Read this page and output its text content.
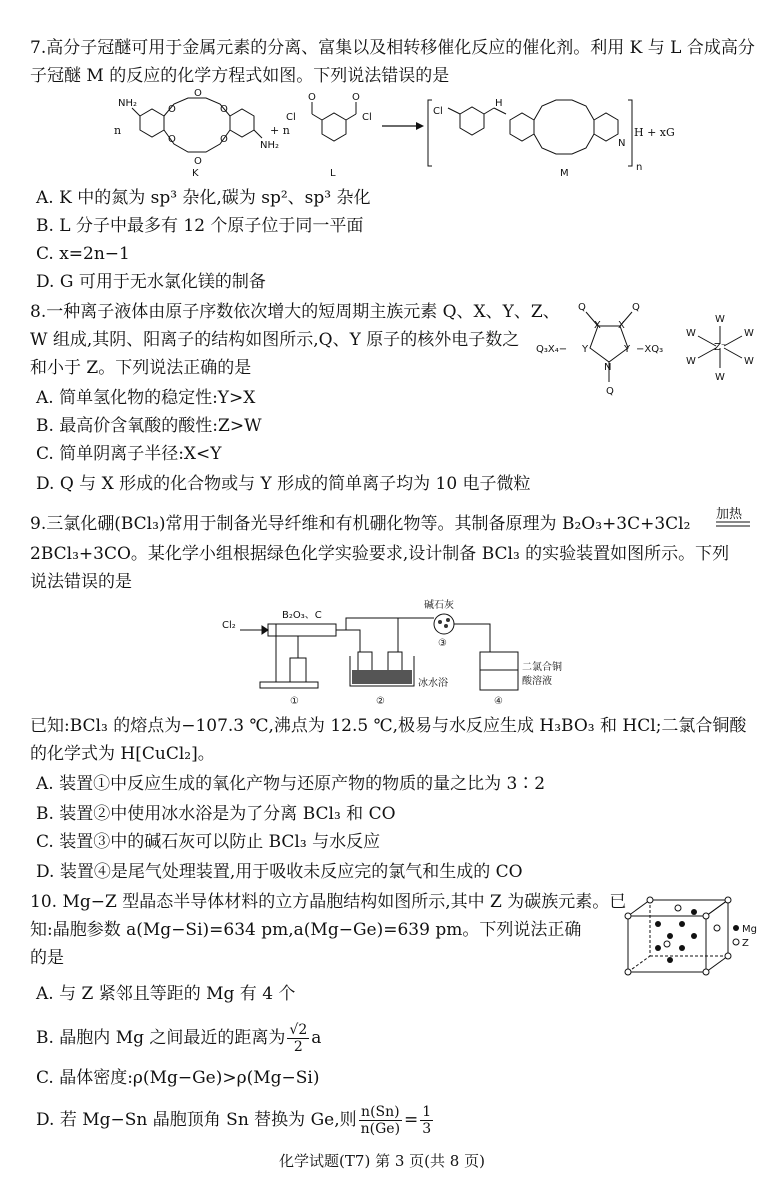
7.高分子冠醚可用于金属元素的分离、富集以及相转移催化反应的催化剂。利用 K 与 L 合成高分
子冠醚 M 的反应的化学方程式如图。下列说法错误的是
n
NH₂
NH₂
O	O
O	O
O
O
K
+ n
Cl	Cl
O	O
L
Cl
H
N
n
H + xG
M
A. K 中的氮为 sp³ 杂化,碳为 sp²、sp³ 杂化
B. L 分子中最多有 12 个原子位于同一平面
C. x=2n−1
D. G 可用于无水氯化镁的制备
8.一种离子液体由原子序数依次增大的短周期主族元素 Q、X、Y、Z、
W 组成,其阴、阳离子的结构如图所示,Q、Y 原子的核外电子数之
和小于 Z。下列说法正确的是
Q	Q
X X
Y	Y
N
Q
Q₃X₄−	−XQ₃
W
W
W	W
W	W
Z⁻
A. 简单氢化物的稳定性:Y>X
B. 最高价含氧酸的酸性:Z>W
C. 简单阴离子半径:X<Y
D. Q 与 X 形成的化合物或与 Y 形成的简单离子均为 10 电子微粒
9.三氯化硼(BCl₃)常用于制备光导纤维和有机硼化物等。其制备原理为 B₂O₃+3C+3Cl₂ 加热
2BCl₃+3CO。某化学小组根据绿色化学实验要求,设计制备 BCl₃ 的实验装置如图所示。下列
说法错误的是
Cl₂
B₂O₃、C
碱石灰
冰水浴
二氯合铜
酸溶液
①	②
③
④
已知:BCl₃ 的熔点为−107.3 ℃,沸点为 12.5 ℃,极易与水反应生成 H₃BO₃ 和 HCl;二氯合铜酸
的化学式为 H[CuCl₂]。
A. 装置①中反应生成的氧化产物与还原产物的物质的量之比为 3∶2
B. 装置②中使用冰水浴是为了分离 BCl₃ 和 CO
C. 装置③中的碱石灰可以防止 BCl₃ 与水反应
D. 装置④是尾气处理装置,用于吸收未反应完的氯气和生成的 CO
10. Mg−Z 型晶态半导体材料的立方晶胞结构如图所示,其中 Z 为碳族元素。已
知:晶胞参数 a(Mg−Si)=634 pm,a(Mg−Ge)=639 pm。下列说法正确
的是
Mg
Z
A. 与 Z 紧邻且等距的 Mg 有 4 个
B. 晶胞内 Mg 之间最近的距离为 $\frac{√2}{2}$ a
C. 晶体密度:ρ(Mg−Ge)>ρ(Mg−Si)
D. 若 Mg−Sn 晶胞顶角 Sn 替换为 Ge,则 $\frac{n(Sn)}{n(Ge)} = \frac{1}{3}$
化学试题(T7) 第 3 页(共 8 页)
